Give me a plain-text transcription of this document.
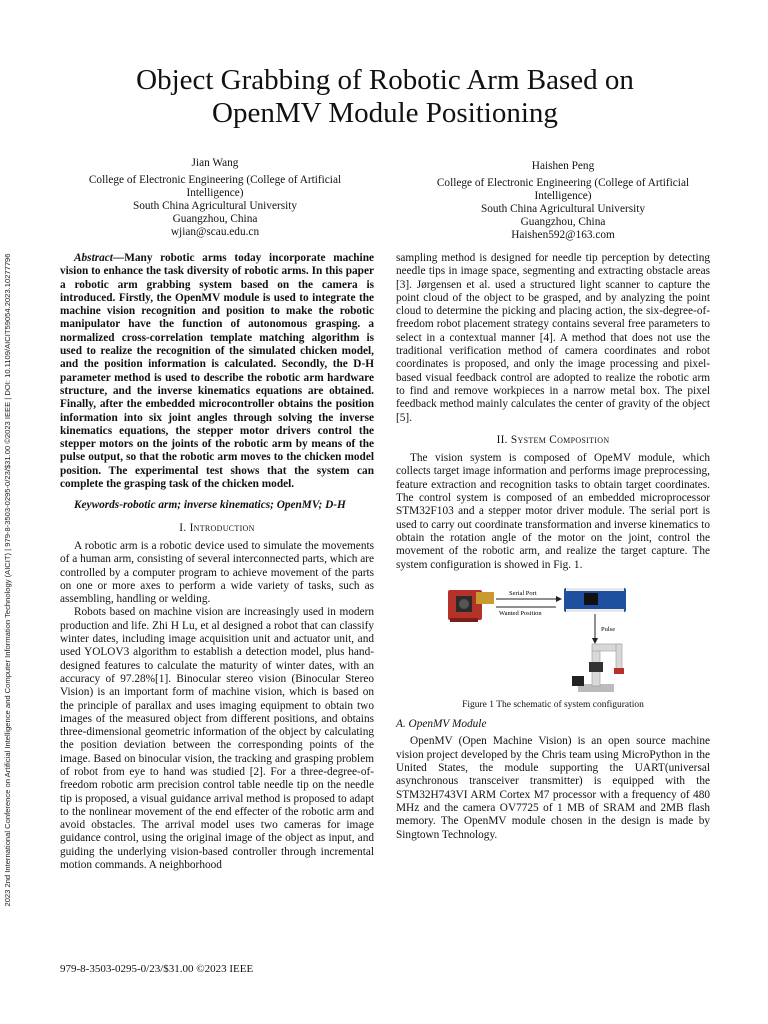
2023 2nd International Conference on Artificial Intelligence and Computer Information Technology (AICIT) | 979-8-3503-0295-0/23/$31.00 ©2023 IEEE | DOI: 10.1109/AICIT59054.2023.10277796
Object Grabbing of Robotic Arm Based on
OpenMV Module Positioning
Jian Wang
College of Electronic Engineering (College of Artificial
Intelligence)
South China Agricultural University
Guangzhou, China
wjian@scau.edu.cn
Haishen Peng
College of Electronic Engineering (College of Artificial
Intelligence)
South China Agricultural University
Guangzhou, China
Haishen592@163.com

Abstract—Many robotic arms today incorporate machine vision to enhance the task diversity of robotic arms. In this paper a robotic arm grabbing system based on the camera is introduced. Firstly, the OpenMV module is used to integrate the machine vision recognition and position to make the robotic manipulator have the function of autonomous grasping. a normalized cross-correlation template matching algorithm is used to realize the recognition of the simulated chicken model, and the position information is calculated. Secondly, the D-H parameter method is used to describe the robotic arm hardware structure, and the inverse kinematics equations are obtained. Finally, after the embedded microcontroller obtains the position information into six joint angles through solving the inverse kinematics equations, the stepper motor drivers control the stepper motors on the joints of the robotic arm by means of the pulse output, so that the robotic arm moves to the chicken model position. The experimental test shows that the system can complete the grasping task of the chicken model.

Keywords-robotic arm; inverse kinematics; OpenMV; D-H

I. Introduction

A robotic arm is a robotic device used to simulate the movements of a human arm, consisting of several interconnected parts, which are controlled by a computer program to achieve movement of the parts on one or more axes to perform a wide variety of tasks, such as assembling, handling or welding.

Robots based on machine vision are increasingly used in modern production and life. Zhi H Lu, et al designed a robot that can classify winter dates, including image acquisition unit and actuator unit, and used YOLOV3 algorithm to establish a detection model, plus hand-designed features to calculate the maturity of winter dates, with an accuracy of 97.28%[1]. Binocular stereo vision (Binocular Stereo Vision) is an important form of machine vision, which is based on the principle of parallax and uses imaging equipment to obtain two images of the measured object from different positions, and obtains three-dimensional geometric information of the object by calculating the position deviation between the corresponding points of the image. Based on binocular vision, the tracking and grasping problem of robot from eye to hand was studied [2]. For a three-degree-of-freedom robotic arm precision control table needle tip on the needle tip is proposed, a visual guidance arrival method is proposed to adapt to the nonlinear movement of the end effecter of the robotic arm and avoid obstacles. The arrival model uses two cameras for image guidance control, using the original image of the object as input, and guiding the underlying vision-based controller through incremental motion commands. A neighborhood

sampling method is designed for needle tip perception by detecting needle tips in image space, segmenting and extracting obstacle areas [3]. Jørgensen et al. used a structured light scanner to capture the point cloud of the object to be grasped, and by analyzing the point cloud to determine the picking and placing action, the six-degree-of-freedom robot placement strategy contains several free parameters to select in a contextual manner [4]. A method that does not use the traditional verification method of camera coordinates and robot coordinates is proposed, and only the image processing and pixel-based visual feedback control are adopted to realize the robotic arm to find and remove workpieces in a narrow metal box. The pixel feedback method mainly calculates the center of gravity of the object [5].

II. System Composition

The vision system is composed of OpeMV module, which collects target image information and performs image preprocessing, feature extraction and recognition tasks to obtain target coordinates. The control system is composed of an embedded microprocessor STM32F103 and a stepper motor driver module. The serial port is used to carry out coordinate transformation and inverse kinematics to obtain the rotation angle of the motor on the joint, control the movement of the robotic arm, and realize the target capture. The system configuration is showed in Fig. 1.

Serial Port
Wanted Position
Pulse
Figure 1 The schematic of system configuration
A. OpenMV Module

OpenMV (Open Machine Vision) is an open source machine vision project developed by the Chris team using MicroPython in the United States, the module supporting the UART(universal asynchronous transceiver transmitter) is equipped with the STM32H743VI ARM Cortex M7 processor with a frequency of 480 MHz and the camera OV7725 of 1 MB of SRAM and 2MB flash memory. The OpenMV module chosen in the design is made by Singtown Technology.

979-8-3503-0295-0/23/$31.00 ©2023 IEEE
